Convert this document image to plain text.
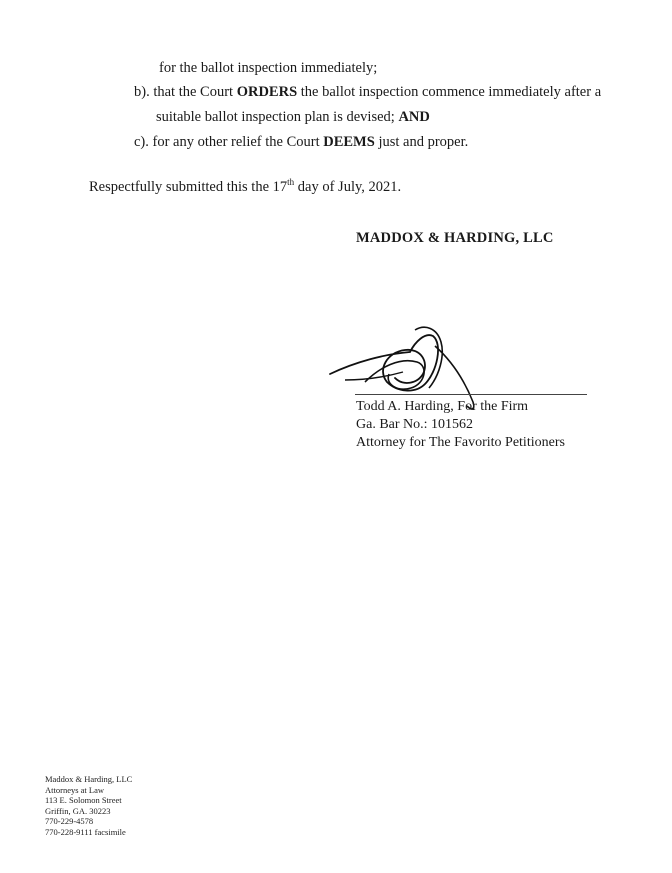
for the ballot inspection immediately;
b). that the Court ORDERS the ballot inspection commence immediately after a
suitable ballot inspection plan is devised; AND
c). for any other relief the Court DEEMS just and proper.
Respectfully submitted this the 17th day of July, 2021.
MADDOX & HARDING, LLC
Todd A. Harding, For the Firm
Ga. Bar No.: 101562
Attorney for The Favorito Petitioners
Maddox & Harding, LLC
Attorneys at Law
113 E. Solomon Street
Griffin, GA. 30223
770-229-4578
770-228-9111 facsimile
